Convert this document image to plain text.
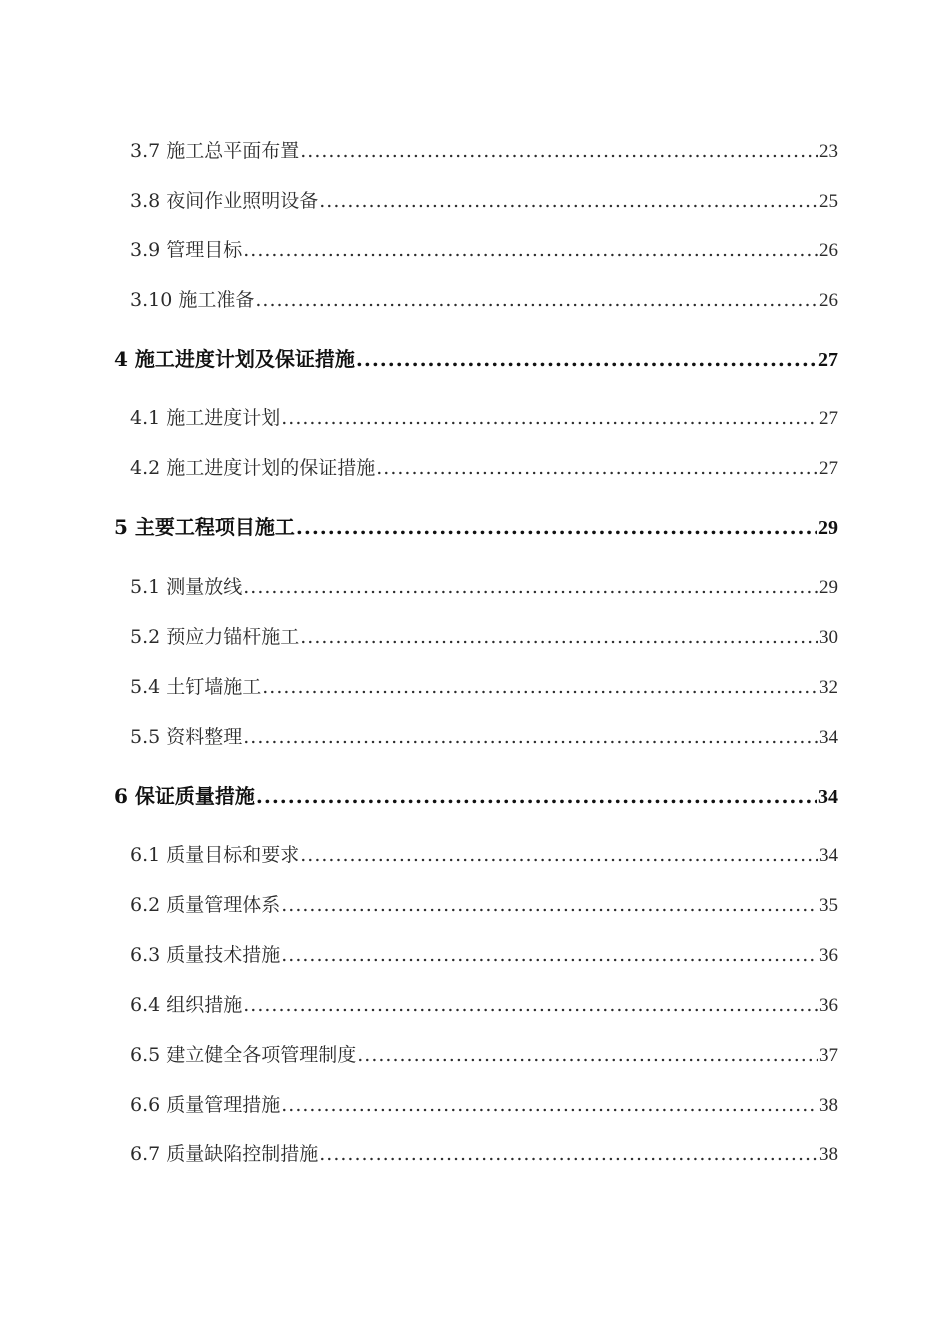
3.7 施工总平面布置 .....	23
3.8 夜间作业照明设备 .....	25
3.9 管理目标 .....	26
3.10 施工准备 .....	26
4 施工进度计划及保证措施 .....	27
4.1 施工进度计划 .....	27
4.2 施工进度计划的保证措施 .....	27
5 主要工程项目施工 .....	29
5.1 测量放线 .....	29
5.2 预应力锚杆施工 .....	30
5.4 土钉墙施工 .....	32
5.5 资料整理 .....	34
6 保证质量措施 .....	34
6.1 质量目标和要求 .....	34
6.2 质量管理体系 .....	35
6.3 质量技术措施 .....	36
6.4 组织措施 .....	36
6.5 建立健全各项管理制度 .....	37
6.6 质量管理措施 .....	38
6.7 质量缺陷控制措施 .....	38
